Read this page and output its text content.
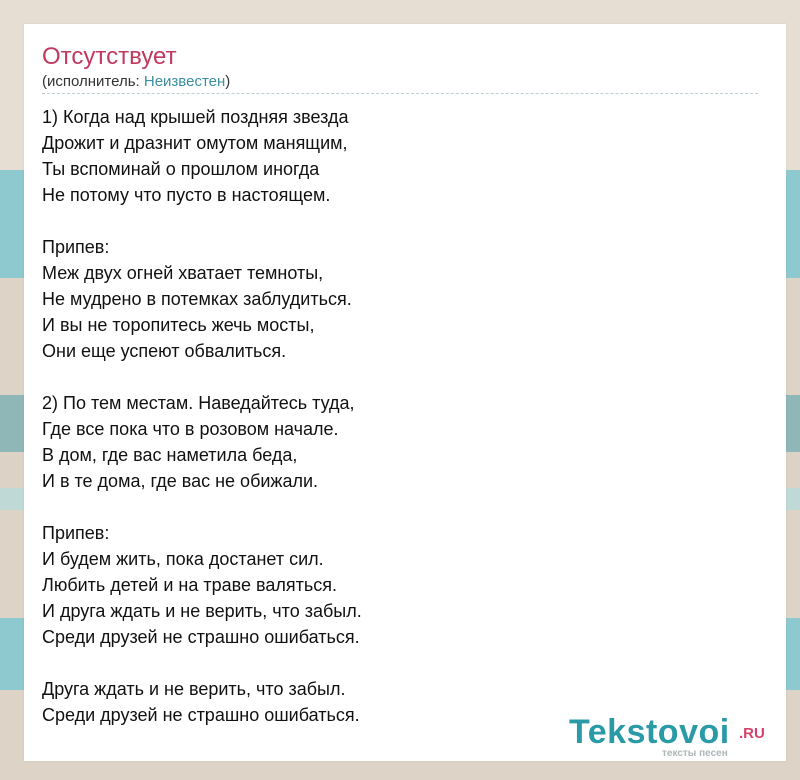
Отсутствует
(исполнитель: Неизвестен)
1) Когда над крышей поздняя звезда
Дрожит и дразнит омутом манящим,
Ты вспоминай о прошлом иногда
Не потому что пусто в настоящем.
Припев:
Меж двух огней хватает темноты,
Не мудрено в потемках заблудиться.
И вы не торопитесь жечь мосты,
Они еще успеют обвалиться.
2) По тем местам. Наведайтесь туда,
Где все пока что в розовом начале.
В дом, где вас наметила беда,
И в те дома, где вас не обижали.
Припев:
И будем жить, пока достанет сил.
Любить детей и на траве валяться.
И друга ждать и не верить, что забыл.
Среди друзей не страшно ошибаться.
Друга ждать и не верить, что забыл.
Среди друзей не страшно ошибаться.	Tekstovoi .RU
тексты песен
